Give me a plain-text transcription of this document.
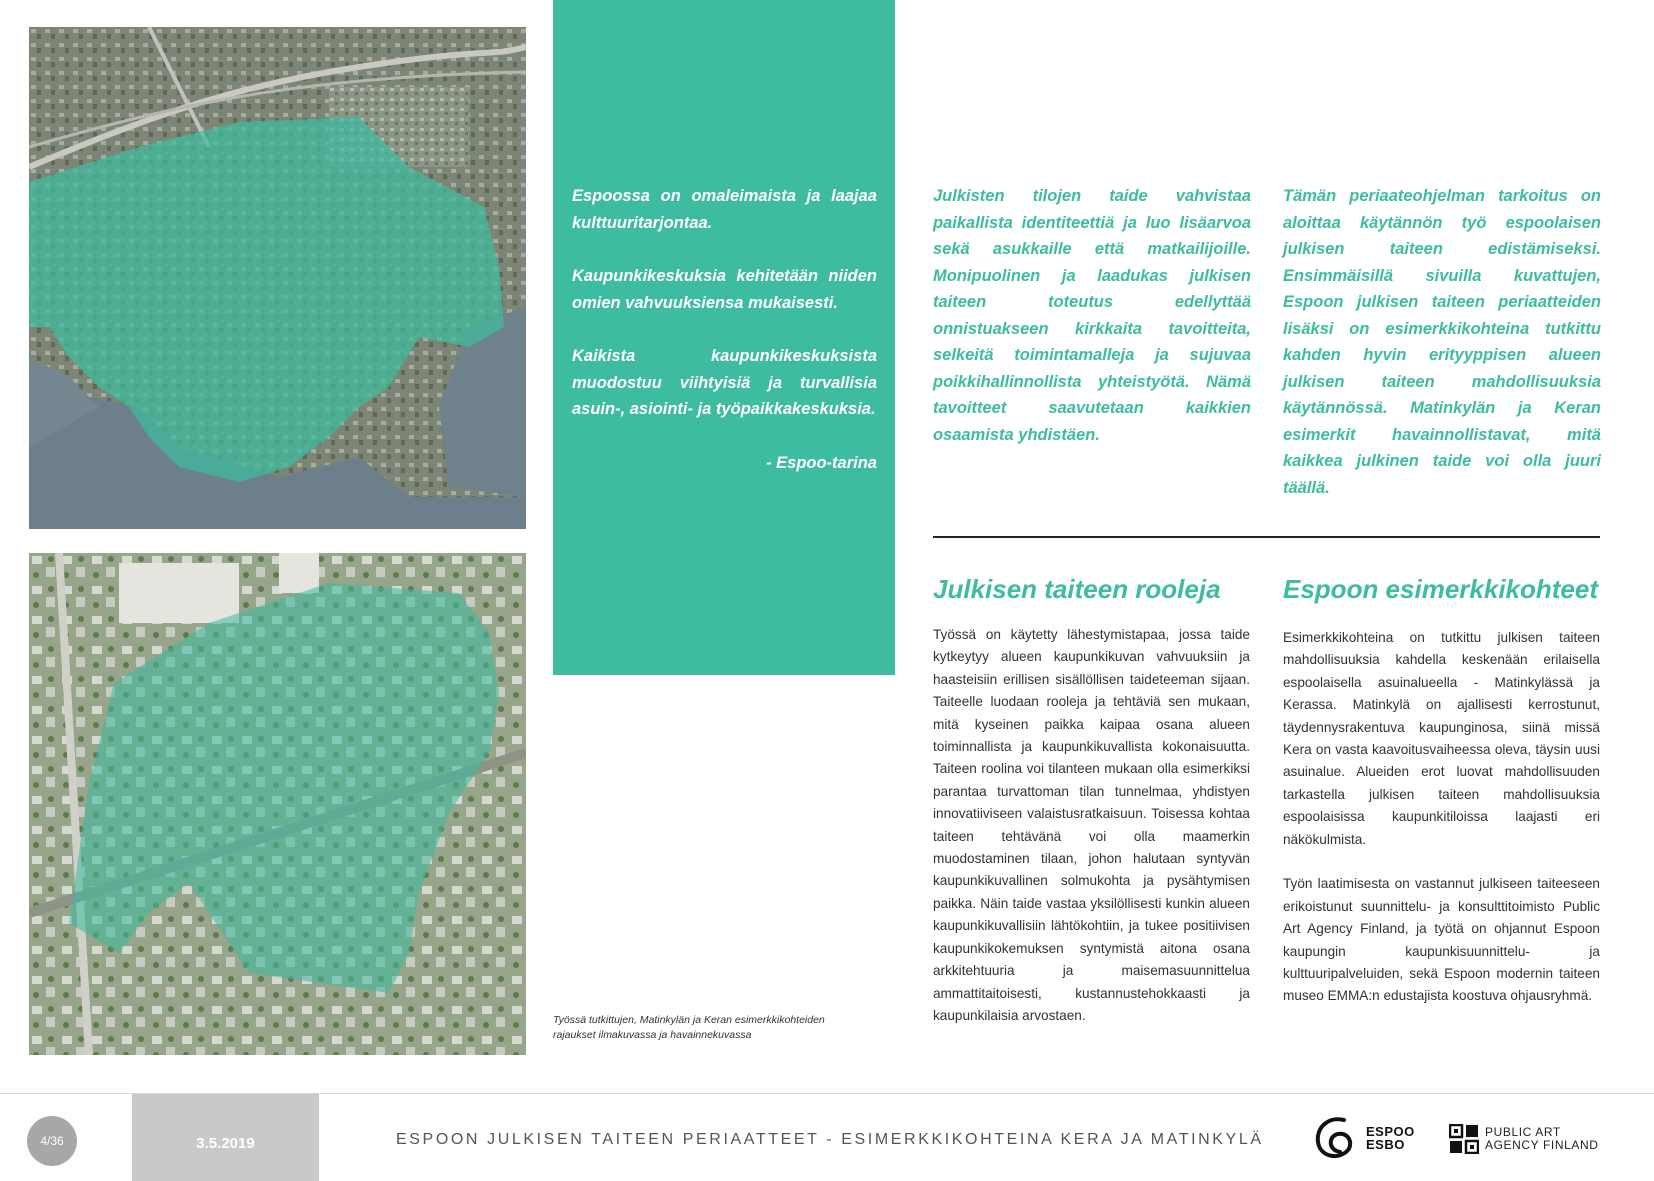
Espoossa on omaleimaista ja laajaa kulttuuritarjontaa.

Kaupunkikeskuksia kehitetään niiden omien vahvuuksiensa mukaisesti.

Kaikista kaupunkikeskuksista muodostuu viihtyisiä ja turvallisia asuin-, asiointi- ja työpaikkakeskuksia.

- Espoo-tarina

Työssä tutkittujen, Matinkylän ja Keran esimerkkikohteiden rajaukset ilmakuvassa ja havainnekuvassa
Julkisten tilojen taide vahvistaa paikallista identiteettiä ja luo lisäarvoa sekä asukkaille että matkailijoille. Monipuolinen ja laadukas julkisen taiteen toteutus edellyttää onnistuakseen kirkkaita tavoitteita, selkeitä toimintamalleja ja sujuvaa poikkihallinnollista yhteistyötä. Nämä tavoitteet saavutetaan kaikkien osaamista yhdistäen.
Tämän periaateohjelman tarkoitus on aloittaa käytännön työ espoolaisen julkisen taiteen edistämiseksi. Ensimmäisillä sivuilla kuvattujen, Espoon julkisen taiteen periaatteiden lisäksi on esimerkkikohteina tutkittu kahden hyvin erityyppisen alueen julkisen taiteen mahdollisuuksia käytännössä. Matinkylän ja Keran esimerkit havainnollistavat, mitä kaikkea julkinen taide voi olla juuri täällä.
Julkisen taiteen rooleja Espoon esimerkkikohteet

Työssä on käytetty lähestymistapaa, jossa taide kytkeytyy alueen kaupunkikuvan vahvuuksiin ja haasteisiin erillisen sisällöllisen taideteeman sijaan. Taiteelle luodaan rooleja ja tehtäviä sen mukaan, mitä kyseinen paikka kaipaa osana alueen toiminnallista ja kaupunkikuvallista kokonaisuutta. Taiteen roolina voi tilanteen mukaan olla esimerkiksi parantaa turvattoman tilan tunnelmaa, yhdistyen innovatiiviseen valaistusratkaisuun. Toisessa kohtaa taiteen tehtävänä voi olla maamerkin muodostaminen tilaan, johon halutaan syntyvän kaupunkikuvallinen solmukohta ja pysähtymisen paikka. Näin taide vastaa yksilöllisesti kunkin alueen kaupunkikuvallisiin lähtökohtiin, ja tukee positiivisen kaupunkikokemuksen syntymistä aitona osana arkkitehtuuria ja maisemasuunnittelua ammattitaitoisesti, kustannustehokkaasti ja kaupunkilaisia arvostaen.

Esimerkkikohteina on tutkittu julkisen taiteen mahdollisuuksia kahdella keskenään erilaisella espoolaisella asuinalueella - Matinkylässä ja Kerassa. Matinkylä on ajallisesti kerrostunut, täydennysrakentuva kaupunginosa, siinä missä Kera on vasta kaavoitusvaiheessa oleva, täysin uusi asuinalue. Alueiden erot luovat mahdollisuuden tarkastella julkisen taiteen mahdollisuuksia espoolaisissa kaupunkitiloissa laajasti eri näkökulmista.

Työn laatimisesta on vastannut julkiseen taiteeseen erikoistunut suunnittelu- ja konsulttitoimisto Public Art Agency Finland, ja työtä on ohjannut Espoon kaupungin kaupunkisuunnittelu- ja kulttuuripalveluiden, sekä Espoon modernin taiteen museo EMMA:n edustajista koostuva ohjausryhmä.

4/36	3.5.2019	ESPOON JULKISEN TAITEEN PERIAATTEET - ESIMERKKIKOHTEINA KERA JA MATINKYLÄ	ESPOO
ESBO
PUBLIC ART
AGENCY FINLAND
